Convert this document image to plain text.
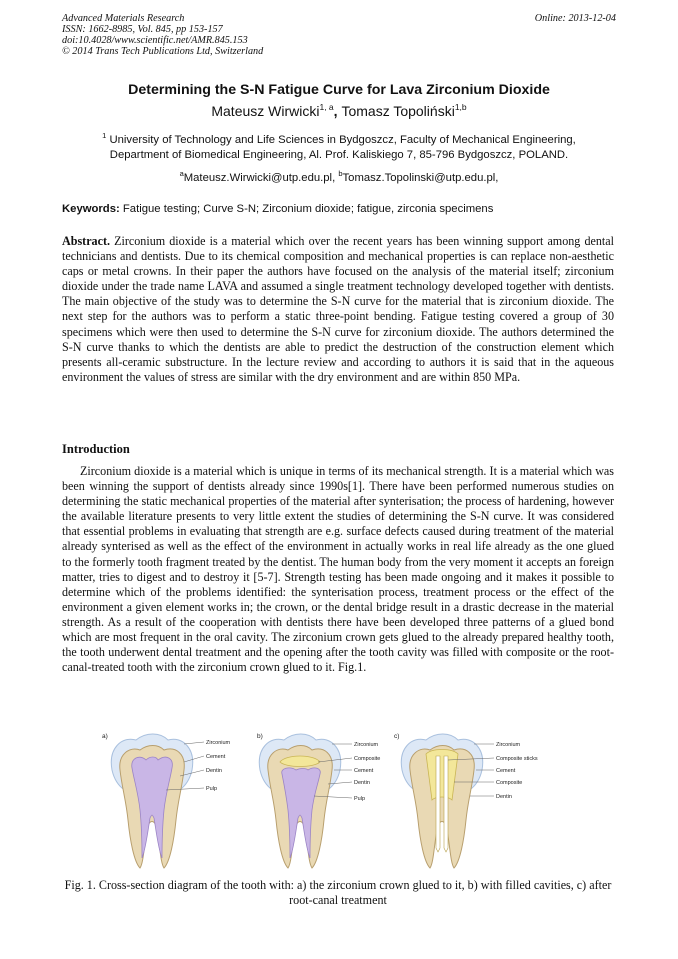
Advanced Materials Research
ISSN: 1662-8985, Vol. 845, pp 153-157
doi:10.4028/www.scientific.net/AMR.845.153
© 2014 Trans Tech Publications Ltd, Switzerland
Online: 2013-12-04
Determining the S-N Fatigue Curve for Lava Zirconium Dioxide
Mateusz Wirwicki$^{1, a}$, Tomasz Topoliński$^{1,b}$
$^1$ University of Technology and Life Sciences in Bydgoszcz, Faculty of Mechanical Engineering,
Department of Biomedical Engineering, Al. Prof. Kaliskiego 7, 85-796 Bydgoszcz, POLAND.
$^a$Mateusz.Wirwicki@utp.edu.pl, $^b$Tomasz.Topolinski@utp.edu.pl,
Keywords: Fatigue testing; Curve S-N; Zirconium dioxide; fatigue, zirconia specimens
Abstract. Zirconium dioxide is a material which over the recent years has been winning support among dental technicians and dentists. Due to its chemical composition and mechanical properties is can replace non-aesthetic caps or metal crowns. In their paper the authors have focused on the analysis of the material itself; zirconium dioxide under the trade name LAVA and assumed a single treatment technology developed together with dentists. The main objective of the study was to determine the S-N curve for the material that is zirconium dioxide. The next step for the authors was to perform a static three-point bending. Fatigue testing covered a group of 30 specimens which were then used to determine the S-N curve for zirconium dioxide. The authors determined the S-N curve thanks to which the dentists are able to predict the destruction of the construction element which presents all-ceramic substructure. In the lecture review and according to authors it is said that in the aqueous environment the values of stress are similar with the dry environment and are within 850 MPa.
Introduction
Zirconium dioxide is a material which is unique in terms of its mechanical strength. It is a material which was been winning the support of dentists already since 1990s[1]. There have been performed numerous studies on determining the static mechanical properties of the material after synterisation; the process of hardening, however the available literature presents to very little extent the studies of determining the S-N curve. It was considered that essential problems in evaluating that strength are e.g. surface defects caused during treatment of the material already synterised as well as the effect of the environment in actually works in real life already as the one glued to the formerly tooth fragment treated by the dentist. The human body from the very moment it accepts an foreign matter, tries to digest and to destroy it [5-7]. Strength testing has been made ongoing and it makes it possible to determine which of the problems identified: the synterisation process, treatment process or the effect of the environment a given element works in; the crown, or the dental bridge result in a drastic decrease in the material strength. As a result of the cooperation with dentists there have been developed three patterns of a glued bond which are most frequent in the oral cavity. The zirconium crown gets glued to the already prepared healthy tooth, the tooth underwent dental treatment and the opening after the tooth cavity was filled with composite or the root-canal-treated tooth with the zirconium crown glued to it. Fig.1.
a)
Zirconium
Cement
Dentin
Pulp
b)
Zirconium
Composite
Cement
Dentin
Pulp
c)
Zirconium
Composite sticks
Cement
Composite
Dentin
Fig. 1. Cross-section diagram of the tooth with: a) the zirconium crown glued to it, b) with filled cavities, c) after root-canal treatment
